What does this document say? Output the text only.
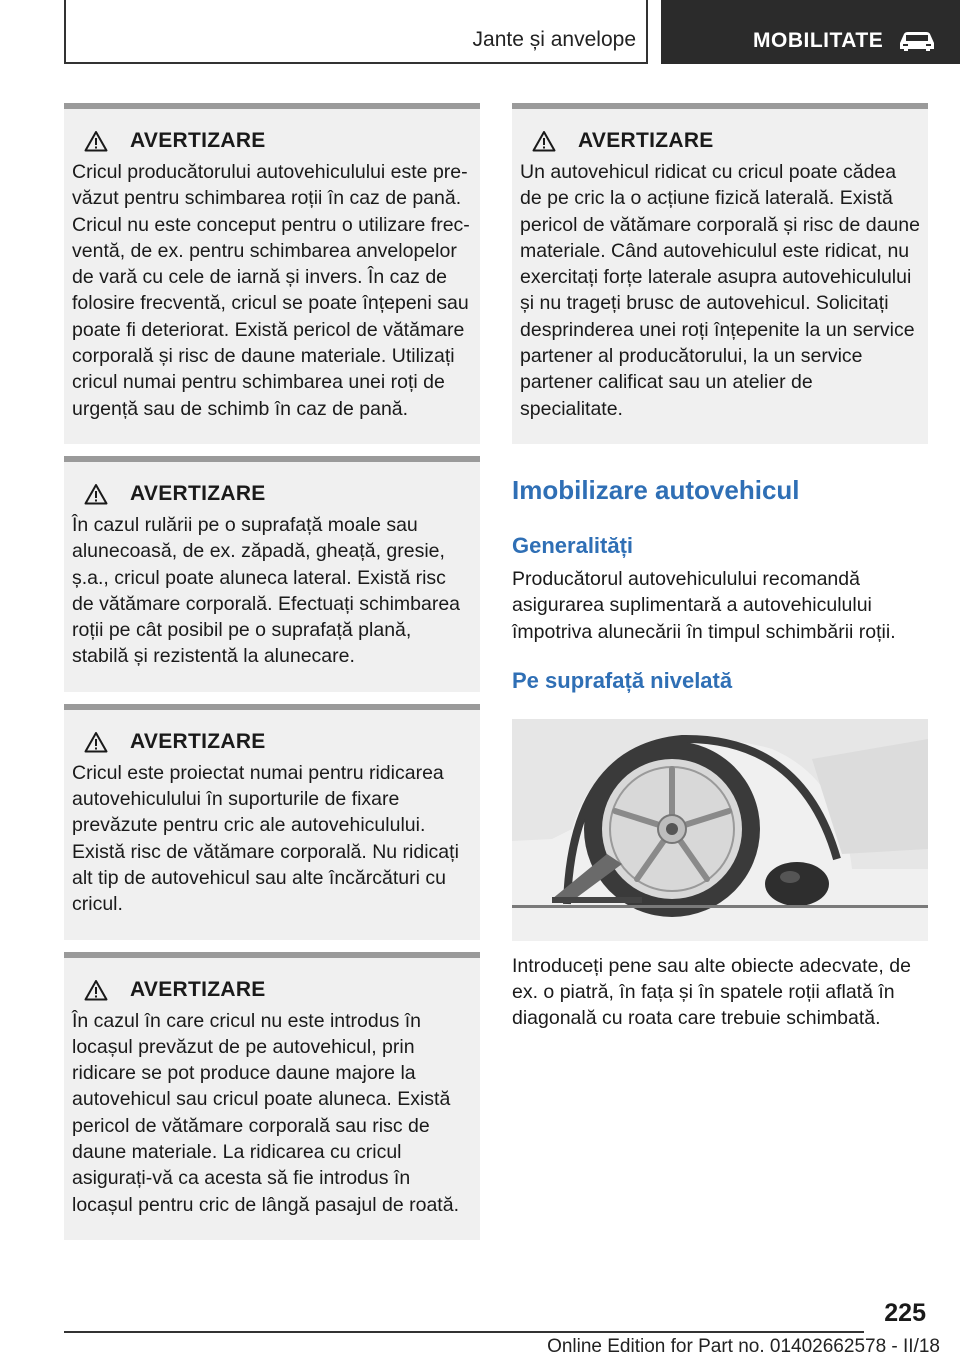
Jante și anvelope	MOBILITATE
AVERTIZARE

Cricul producătorului autovehiculului este prevăzut pentru schimbarea roții în caz de pană. Cricul nu este conceput pentru o utilizare frecventă, de ex. pentru schimbarea anvelopelor de vară cu cele de iarnă și invers. În caz de folosire frecventă, cricul se poate înțepeni sau poate fi deteriorat. Există pericol de vătămare corporală și risc de daune materiale. Utilizați cricul numai pentru schimbarea unei roți de urgență sau de schimb în caz de pană.

AVERTIZARE

În cazul rulării pe o suprafață moale sau alunecoasă, de ex. zăpadă, gheață, gresie, ș.a., cricul poate aluneca lateral. Există risc de vătămare corporală. Efectuați schimbarea roții pe cât posibil pe o suprafață plană, stabilă și rezistentă la alunecare.

AVERTIZARE

Cricul este proiectat numai pentru ridicarea autovehiculului în suporturile de fixare prevăzute pentru cric ale autovehiculului. Există risc de vătămare corporală. Nu ridicați alt tip de autovehicul sau alte încărcături cu cricul.

AVERTIZARE

În cazul în care cricul nu este introdus în locașul prevăzut de pe autovehicul, prin ridicare se pot produce daune majore la autovehicul sau cricul poate aluneca. Există pericol de vătămare corporală sau risc de daune materiale. La ridicarea cu cricul asigurați-vă ca acesta să fie introdus în locașul pentru cric de lângă pasajul de roată.

AVERTIZARE

Un autovehicul ridicat cu cricul poate cădea de pe cric la o acțiune fizică laterală. Există pericol de vătămare corporală și risc de daune materiale. Când autovehiculul este ridicat, nu exercitați forțe laterale asupra autovehiculului și nu trageți brusc de autovehicul. Solicitați desprinderea unei roți înțepenite la un service partener al producătorului, la un service partener calificat sau un atelier de specialitate.

Imobilizare autovehicul
Generalități

Producătorul autovehiculului recomandă asigurarea suplimentară a autovehiculului împotriva alunecării în timpul schimbării roții.

Pe suprafață nivelată

Introduceți pene sau alte obiecte adecvate, de ex. o piatră, în fața și în spatele roții aflată în diagonală cu roata care trebuie schimbată.

225
Online Edition for Part no. 01402662578 - II/18
